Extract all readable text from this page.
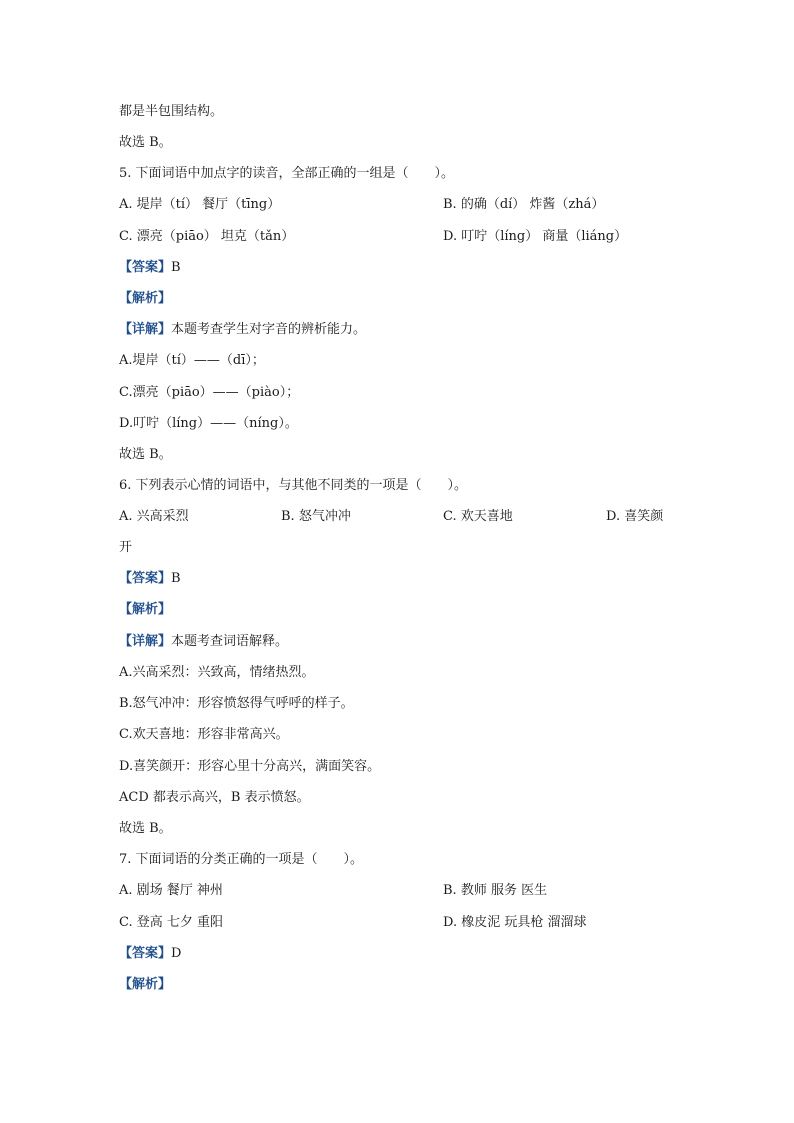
都是半包围结构。
故选 B。
5. 下面词语中加点字的读音，全部正确的一组是（　　）。
A. 堤岸（tí） 餐厅（tīng）	B. 的确（dí） 炸酱（zhá）
C. 漂亮（piāo） 坦克（tǎn）	D. 叮咛（líng） 商量（liáng）
【答案】B
【解析】
【详解】本题考查学生对字音的辨析能力。
A.堤岸（tí）——（dī）；
C.漂亮（piāo）——（piào）；
D.叮咛（líng）——（níng）。
故选 B。
6. 下列表示心情的词语中，与其他不同类的一项是（　　）。
A. 兴高采烈	B. 怒气冲冲	C. 欢天喜地	D. 喜笑颜
开
【答案】B
【解析】
【详解】本题考查词语解释。
A.兴高采烈：兴致高，情绪热烈。
B.怒气冲冲：形容愤怒得气呼呼的样子。
C.欢天喜地：形容非常高兴。
D.喜笑颜开：形容心里十分高兴，满面笑容。
ACD 都表示高兴，B 表示愤怒。
故选 B。
7. 下面词语的分类正确的一项是（　　）。
A. 剧场 餐厅 神州	B. 教师 服务 医生
C. 登高 七夕 重阳	D. 橡皮泥 玩具枪 溜溜球
【答案】D
【解析】
